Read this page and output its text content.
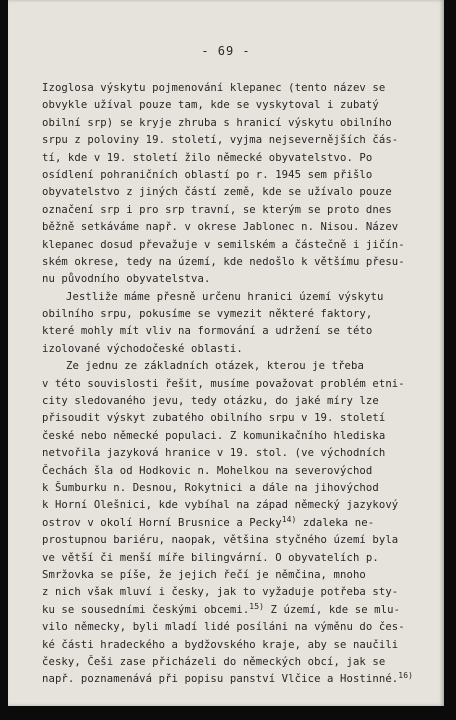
- 69 -
Izoglosa výskytu pojmenování klepanec (tento název se
obvykle užíval pouze tam, kde se vyskytoval i zubatý
obilní srp) se kryje zhruba s hranicí výskytu obilního
srpu z poloviny 19. století, vyjma nejsevernějších čás-
tí, kde v 19. století žilo německé obyvatelstvo. Po
osídlení pohraničních oblastí po r. 1945 sem přišlo
obyvatelstvo z jiných částí země, kde se užívalo pouze
označení srp i pro srp travní, se kterým se proto dnes
běžně setkáváme např. v okrese Jablonec n. Nisou. Název
klepanec dosud převažuje v semilském a částečně i jičín-
ském okrese, tedy na území, kde nedošlo k většímu přesu-
nu původního obyvatelstva.
Jestliže máme přesně určenu hranici území výskytu
obilního srpu, pokusíme se vymezit některé faktory,
které mohly mít vliv na formování a udržení se této
izolované východočeské oblasti.
Ze jednu ze základních otázek, kterou je třeba
v této souvislosti řešit, musíme považovat problém etni-
city sledovaného jevu, tedy otázku, do jaké míry lze
přisoudit výskyt zubatého obilního srpu v 19. století
české nebo německé populaci. Z komunikačního hlediska
netvořila jazyková hranice v 19. stol. (ve východních
Čechách šla od Hodkovic n. Mohelkou na severovýchod
k Šumburku n. Desnou, Rokytnici a dále na jihovýchod
k Horní Olešnici, kde vybíhal na západ německý jazykový
ostrov v okolí Horní Brusnice a Pecky$^{14)}$ zdaleka ne-
prostupnou bariéru, naopak, většina styčného území byla
ve větší či menší míře bilingvární. O obyvatelích p.
Smržovka se píše, že jejich řečí je němčina, mnoho
z nich však mluví i česky, jak to vyžaduje potřeba sty-
ku se sousedními českými obcemi.$^{15)}$ Z území, kde se mlu-
vilo německy, byli mladí lidé posíláni na výměnu do čes-
ké části hradeckého a bydžovského kraje, aby se naučili
česky, Češi zase přicházeli do německých obcí, jak se
např. poznamenává při popisu panství Vlčice a Hostinné.$^{16)}$
